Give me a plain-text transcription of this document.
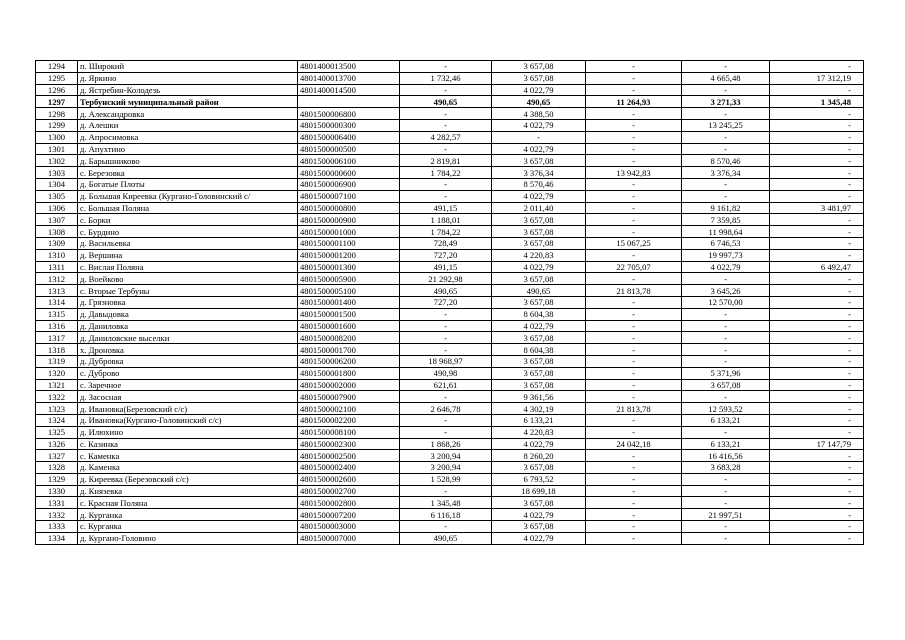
1294	п. Широкий	4801400013500	-	3 657,08	-	-	-
1295	д. Яркино	4801400013700	1 732,46	3 657,08	-	4 665,48	17 312,19
1296	д. Ястребин-Колодезь	4801400014500	-	4 022,79	-	-	-
1297	Тербунский муниципальный район		490,65	490,65	11 264,93	3 271,33	1 345,48
1298	д. Александровка	4801500006800	-	4 388,50	-	-	-
1299	д. Алешки	4801500000300	-	4 022,79	-	13 245,25	-
1300	д. Апросимовка	4801500006400	4 282,57	-	-	-	-
1301	д. Апухтино	4801500000500	-	4 022,79	-	-	-
1302	д. Барышниково	4801500006100	2 819,81	3 657,08	-	8 570,46	-
1303	с. Березовка	4801500000600	1 784,22	3 376,34	13 942,83	3 376,34	-
1304	д. Богатые Плоты	4801500006900	-	8 570,46	-	-	-
1305	д. Большая Киреевка (Кургано-Головинский с/	4801500007100	-	4 022,79	-	-	-
1306	с. Большая Поляна	4801500000800	491,15	2 011,40	-	9 161,82	3 481,97
1307	с. Борки	4801500000900	1 188,01	3 657,08	-	7 359,85	-
1308	с. Бурдино	4801500001000	1 784,22	3 657,08	-	11 998,64	-
1309	д. Васильевка	4801500001100	728,49	3 657,08	15 067,25	6 746,53	-
1310	д. Вершина	4801500001200	727,20	4 220,83	-	19 997,73	-
1311	с. Вислая Поляна	4801500001300	491,15	4 022,79	22 705,07	4 022,79	6 492,47
1312	д. Воейково	4801500005900	21 292,98	3 657,08	-	-	-
1313	с. Вторые Тербуны	4801500005100	490,65	490,65	21 813,78	3 645,26	-
1314	д. Грязновка	4801500001400	727,20	3 657,08	-	12 570,00	-
1315	д. Давыдовка	4801500001500	-	8 604,38	-	-	-
1316	д. Даниловка	4801500001600	-	4 022,79	-	-	-
1317	д. Даниловские выселки	4801500008200	-	3 657,08	-	-	-
1318	х. Дроновка	4801500001700	-	8 604,38	-	-	-
1319	д. Дубровка	4801500006200	18 968,97	3 657,08	-	-	-
1320	с. Дуброво	4801500001800	490,98	3 657,08	-	5 371,96	-
1321	с. Заречное	4801500002000	621,61	3 657,08	-	3 657,08	-
1322	д. Засосная	4801500007900	-	9 361,56	-	-	-
1323	д. Ивановка(Березовский с/с)	4801500002100	2 646,78	4 302,19	21 813,78	12 593,52	-
1324	д. Ивановка(Кургано-Головинский с/с)	4801500002200	-	6 133,21	-	6 133,21	-
1325	д. Илюхино	4801500008100	-	4 220,83	-	-	-
1326	с. Казинка	4801500002300	1 868,26	4 022,79	24 042,18	6 133,21	17 147,79
1327	с. Каменка	4801500002500	3 200,94	8 260,20	-	16 416,56	-
1328	д. Каменка	4801500002400	3 200,94	3 657,08	-	3 683,28	-
1329	д. Киреевка (Березовский с/с)	4801500002600	1 528,99	6 793,52	-	-	-
1330	д. Князевка	4801500002700	-	18 699,18	-	-	-
1331	с. Красная Поляна	4801500002800	1 345,48	3 657,08	-	-	-
1332	д. Курганка	4801500007200	6 116,18	4 022,79	-	21 997,51	-
1333	с. Курганка	4801500003000	-	3 657,08	-	-	-
1334	д. Кургано-Головино	4801500007000	490,65	4 022,79	-	-	-
